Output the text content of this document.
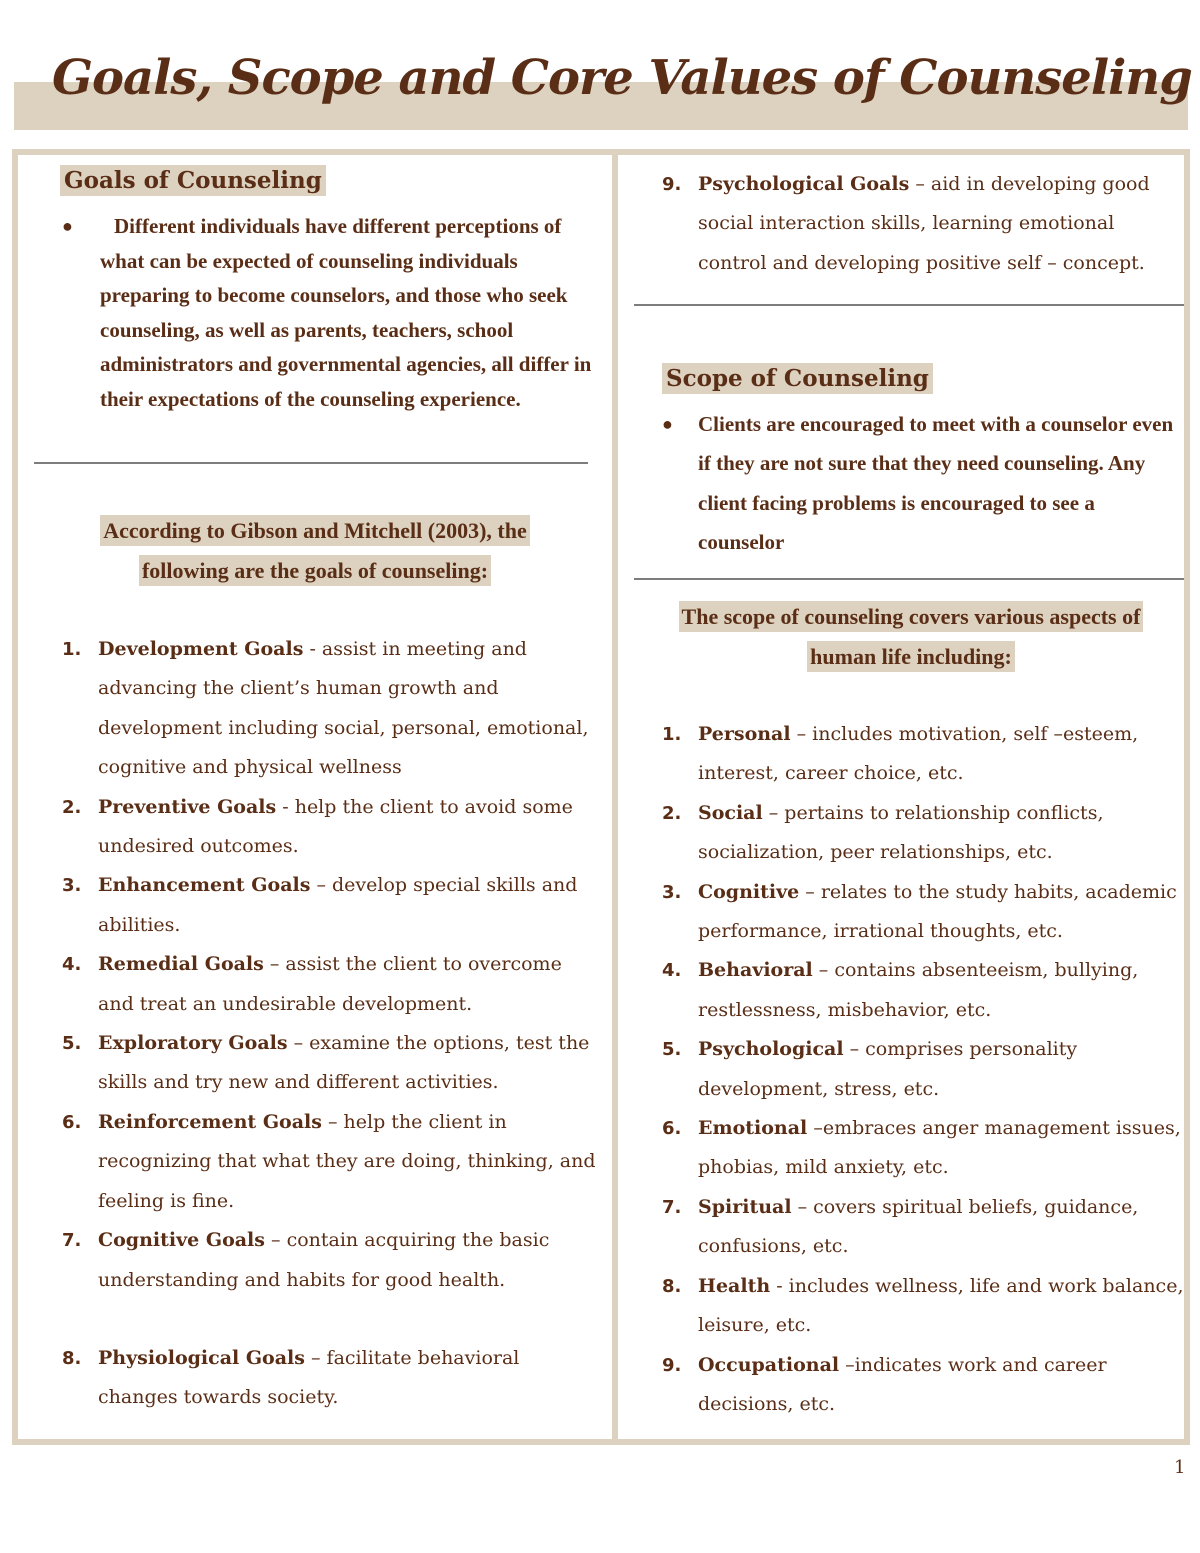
Goals, Scope and Core Values of Counseling
Goals of Counseling
●	Different individuals have different perceptions of what can be expected of counseling individuals preparing to become counselors, and those who seek counseling, as well as parents, teachers, school administrators and governmental agencies, all differ in their expectations of the counseling experience.
According to Gibson and Mitchell (2003), the
following are the goals of counseling:
1. Development Goals - assist in meeting and advancing the client’s human growth and development including social, personal, emotional, cognitive and physical wellness
2. Preventive Goals - help the client to avoid some undesired outcomes.
3. Enhancement Goals – develop special skills and abilities.
4. Remedial Goals – assist the client to overcome and treat an undesirable development.
5. Exploratory Goals – examine the options, test the skills and try new and different activities.
6. Reinforcement Goals – help the client in recognizing that what they are doing, thinking, and feeling is fine.
7. Cognitive Goals – contain acquiring the basic understanding and habits for good health.
8. Physiological Goals – facilitate behavioral changes towards society.
9. Psychological Goals – aid in developing good social interaction skills, learning emotional control and developing positive self – concept.
Scope of Counseling
●	Clients are encouraged to meet with a counselor even if they are not sure that they need counseling. Any client facing problems is encouraged to see a counselor
The scope of counseling covers various aspects of
human life including:
1. Personal – includes motivation, self –esteem, interest, career choice, etc.
2. Social – pertains to relationship conflicts, socialization, peer relationships, etc.
3. Cognitive – relates to the study habits, academic performance, irrational thoughts, etc.
4. Behavioral – contains absenteeism, bullying, restlessness, misbehavior, etc.
5. Psychological – comprises personality development, stress, etc.
6. Emotional –embraces anger management issues, phobias, mild anxiety, etc.
7. Spiritual – covers spiritual beliefs, guidance, confusions, etc.
8. Health - includes wellness, life and work balance, leisure, etc.
9. Occupational –indicates work and career decisions, etc.
1
